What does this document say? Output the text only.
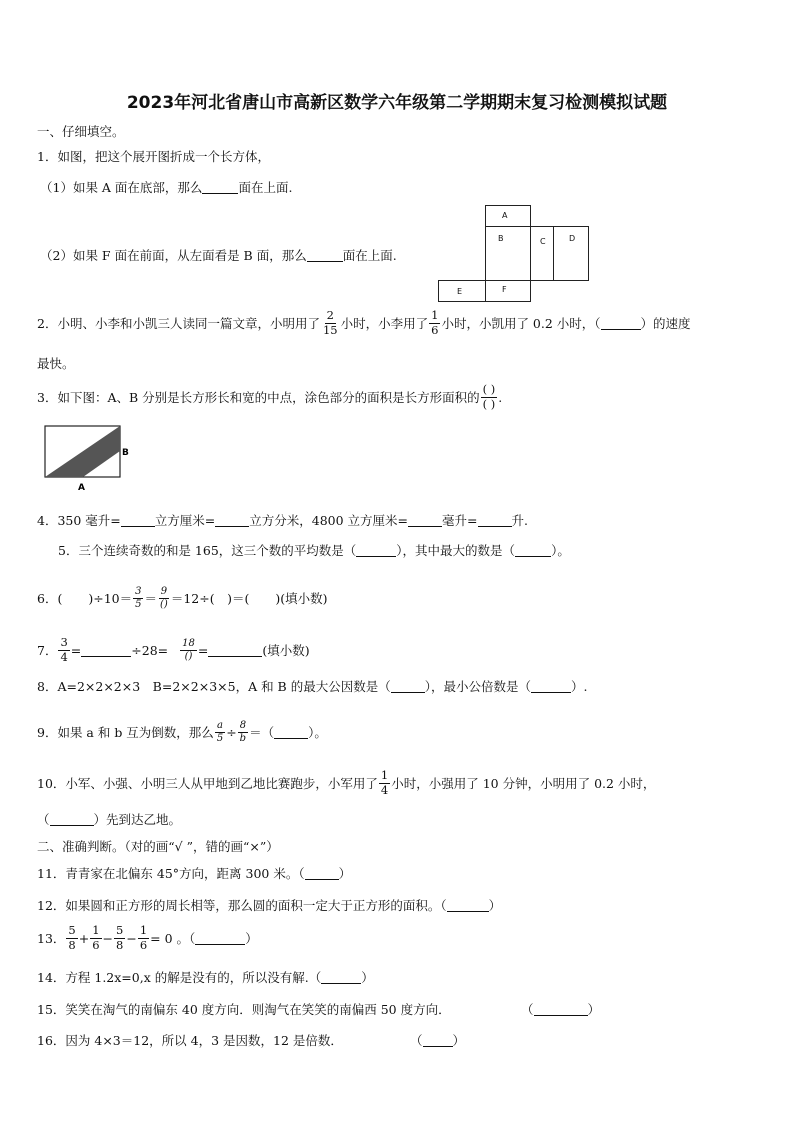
2023年河北省唐山市高新区数学六年级第二学期期末复习检测模拟试题
一、仔细填空。
1．如图，把这个展开图折成一个长方体，
（1）如果 A 面在底部，那么	面在上面.
（2）如果 F 面在前面，从左面看是 B 面，那么	面在上面.
A
B	C	D
E	F
2．小明、小李和小凯三人读同一篇文章，小明用了 $\frac{2}{15}$ 小时，小李用了 $\frac{1}{6}$ 小时，小凯用了 0.2 小时，（	）的速度
最快。
3．如下图：A、B 分别是长方形长和宽的中点，涂色部分的面积是长方形面积的
( )
( ) .
B
A
4．350 毫升=	立方厘米=	立方分米，4800 立方厘米=	毫升=	升.
5．三个连续奇数的和是 165，这三个数的平均数是（	），其中最大的数是（	）。
6．( )$\div 10= \frac{3}{5} = 9$
() ＝12÷(　)＝( )(填小数)
7． $\frac{3}{4}$ =	÷28= 18
() =	(填小数)
8．A=2×2×2×3　B=2×2×3×5，A 和 B 的最大公因数是（	），最小公倍数是（	）.
9．如果 a 和 b 互为倒数，那么 $\frac{a}{5} \div \frac{8}{b}$ ＝（	）。
10．小军、小强、小明三人从甲地到乙地比赛跑步，小军用了 $\frac{1}{4}$ 小时，小强用了 10 分钟，小明用了 0.2 小时，
（	）先到达乙地。
二、准确判断。（对的画“√ ”，错的画“×”）
11．青青家在北偏东 45°方向，距离 300 米。（	）
12．如果圆和正方形的周长相等，那么圆的面积一定大于正方形的面积。（	）
13． $\frac{5}{8} + \frac{1}{6} - \frac{5}{8} - \frac{1}{6} = 0$ 。（	）
14．方程 1.2x=0,x 的解是没有的，所以没有解.（	）
15．笑笑在淘气的南偏东 40 度方向．则淘气在笑笑的南偏西 50 度方向．	（	）
16．因为 4×3＝12，所以 4，3 是因数，12 是倍数．	（ ）
